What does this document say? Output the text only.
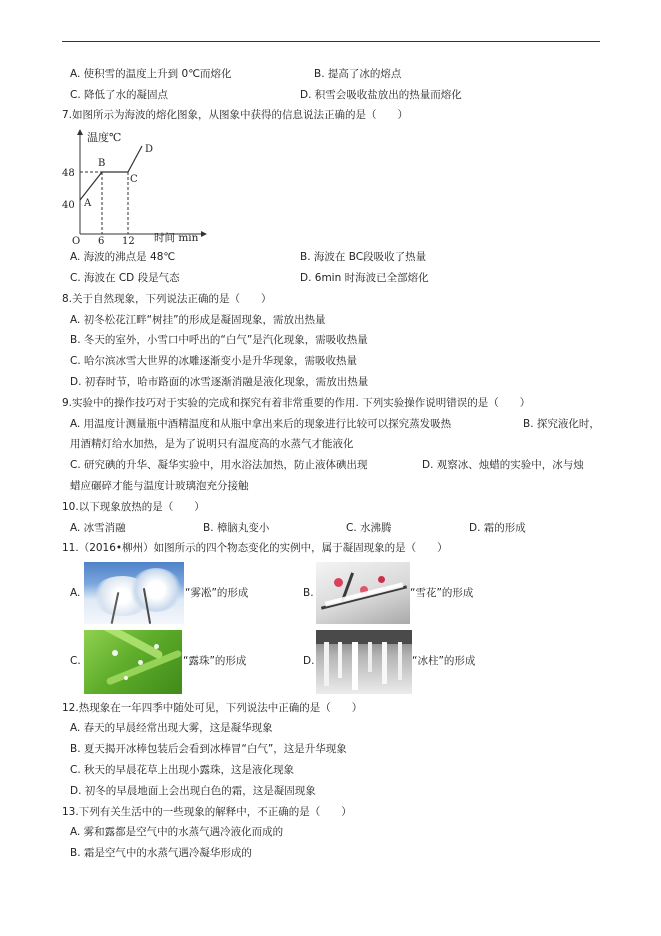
A. 使积雪的温度上升到 0℃而熔化	B. 提高了冰的熔点
C. 降低了水的凝固点	D. 积雪会吸收盐放出的热量而熔化
7.如图所示为海波的熔化图象，从图象中获得的信息说法正确的是（　　）
温度℃
时间 min
O
48
40
6 12
A
B
C
D
A. 海波的沸点是 48℃	B. 海波在 BC段吸收了热量
C. 海波在 CD 段是气态	D. 6min 时海波已全部熔化
8.关于自然现象，下列说法正确的是（　　）
A. 初冬松花江畔“树挂”的形成是凝固现象，需放出热量
B. 冬天的室外，小雪口中呼出的“白气”是汽化现象，需吸收热量
C. 哈尔滨冰雪大世界的冰雕逐渐变小是升华现象，需吸收热量
D. 初春时节，哈市路面的冰雪逐渐消融是液化现象，需放出热量
9.实验中的操作技巧对于实验的完成和探究有着非常重要的作用. 下列实验操作说明错误的是（　　）
A. 用温度计测量瓶中酒精温度和从瓶中拿出来后的现象进行比较可以探究蒸发吸热	B. 探究液化时，
用酒精灯给水加热，是为了说明只有温度高的水蒸气才能液化
C. 研究碘的升华、凝华实验中，用水浴法加热，防止液体碘出现	D. 观察冰、烛蜡的实验中，冰与烛
蜡应碾碎才能与温度计玻璃泡充分接触
10.以下现象放热的是（　　）
A. 冰雪消融	B. 樟脑丸变小	C. 水沸腾	D. 霜的形成
11.（2016•柳州）如图所示的四个物态变化的实例中，属于凝固现象的是（　　）
A.	“雾凇”的形成	B.	“雪花”的形成
C.	“露珠”的形成	D.	“冰柱”的形成
12.热现象在一年四季中随处可见，下列说法中正确的是（　　）
A. 春天的早晨经常出现大雾，这是凝华现象
B. 夏天揭开冰棒包装后会看到冰棒冒“白气”，这是升华现象
C. 秋天的早晨花草上出现小露珠，这是液化现象
D. 初冬的早晨地面上会出现白色的霜，这是凝固现象
13.下列有关生活中的一些现象的解释中，不正确的是（　　）
A. 雾和露都是空气中的水蒸气遇冷液化而成的
B. 霜是空气中的水蒸气遇冷凝华形成的
